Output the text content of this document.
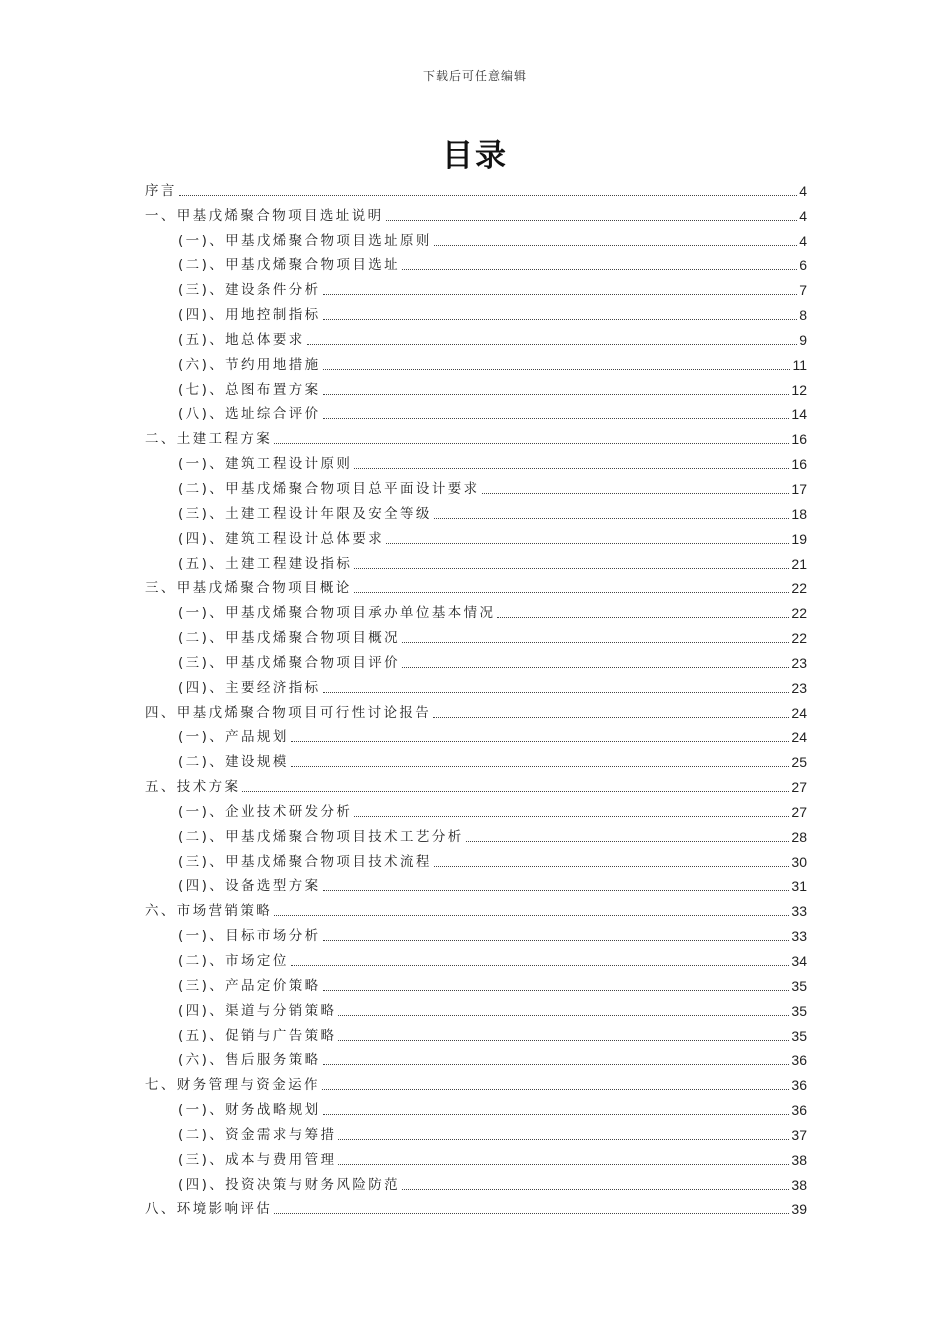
下载后可任意编辑
目录
序言	4
一、甲基戊烯聚合物项目选址说明	4
(一)、甲基戊烯聚合物项目选址原则	4
(二)、甲基戊烯聚合物项目选址	6
(三)、建设条件分析	7
(四)、用地控制指标	8
(五)、地总体要求	9
(六)、节约用地措施	11
(七)、总图布置方案	12
(八)、选址综合评价	14
二、土建工程方案	16
(一)、建筑工程设计原则	16
(二)、甲基戊烯聚合物项目总平面设计要求	17
(三)、土建工程设计年限及安全等级	18
(四)、建筑工程设计总体要求	19
(五)、土建工程建设指标	21
三、甲基戊烯聚合物项目概论	22
(一)、甲基戊烯聚合物项目承办单位基本情况	22
(二)、甲基戊烯聚合物项目概况	22
(三)、甲基戊烯聚合物项目评价	23
(四)、主要经济指标	23
四、甲基戊烯聚合物项目可行性讨论报告	24
(一)、产品规划	24
(二)、建设规模	25
五、技术方案	27
(一)、企业技术研发分析	27
(二)、甲基戊烯聚合物项目技术工艺分析	28
(三)、甲基戊烯聚合物项目技术流程	30
(四)、设备选型方案	31
六、市场营销策略	33
(一)、目标市场分析	33
(二)、市场定位	34
(三)、产品定价策略	35
(四)、渠道与分销策略	35
(五)、促销与广告策略	35
(六)、售后服务策略	36
七、财务管理与资金运作	36
(一)、财务战略规划	36
(二)、资金需求与筹措	37
(三)、成本与费用管理	38
(四)、投资决策与财务风险防范	38
八、环境影响评估	39
